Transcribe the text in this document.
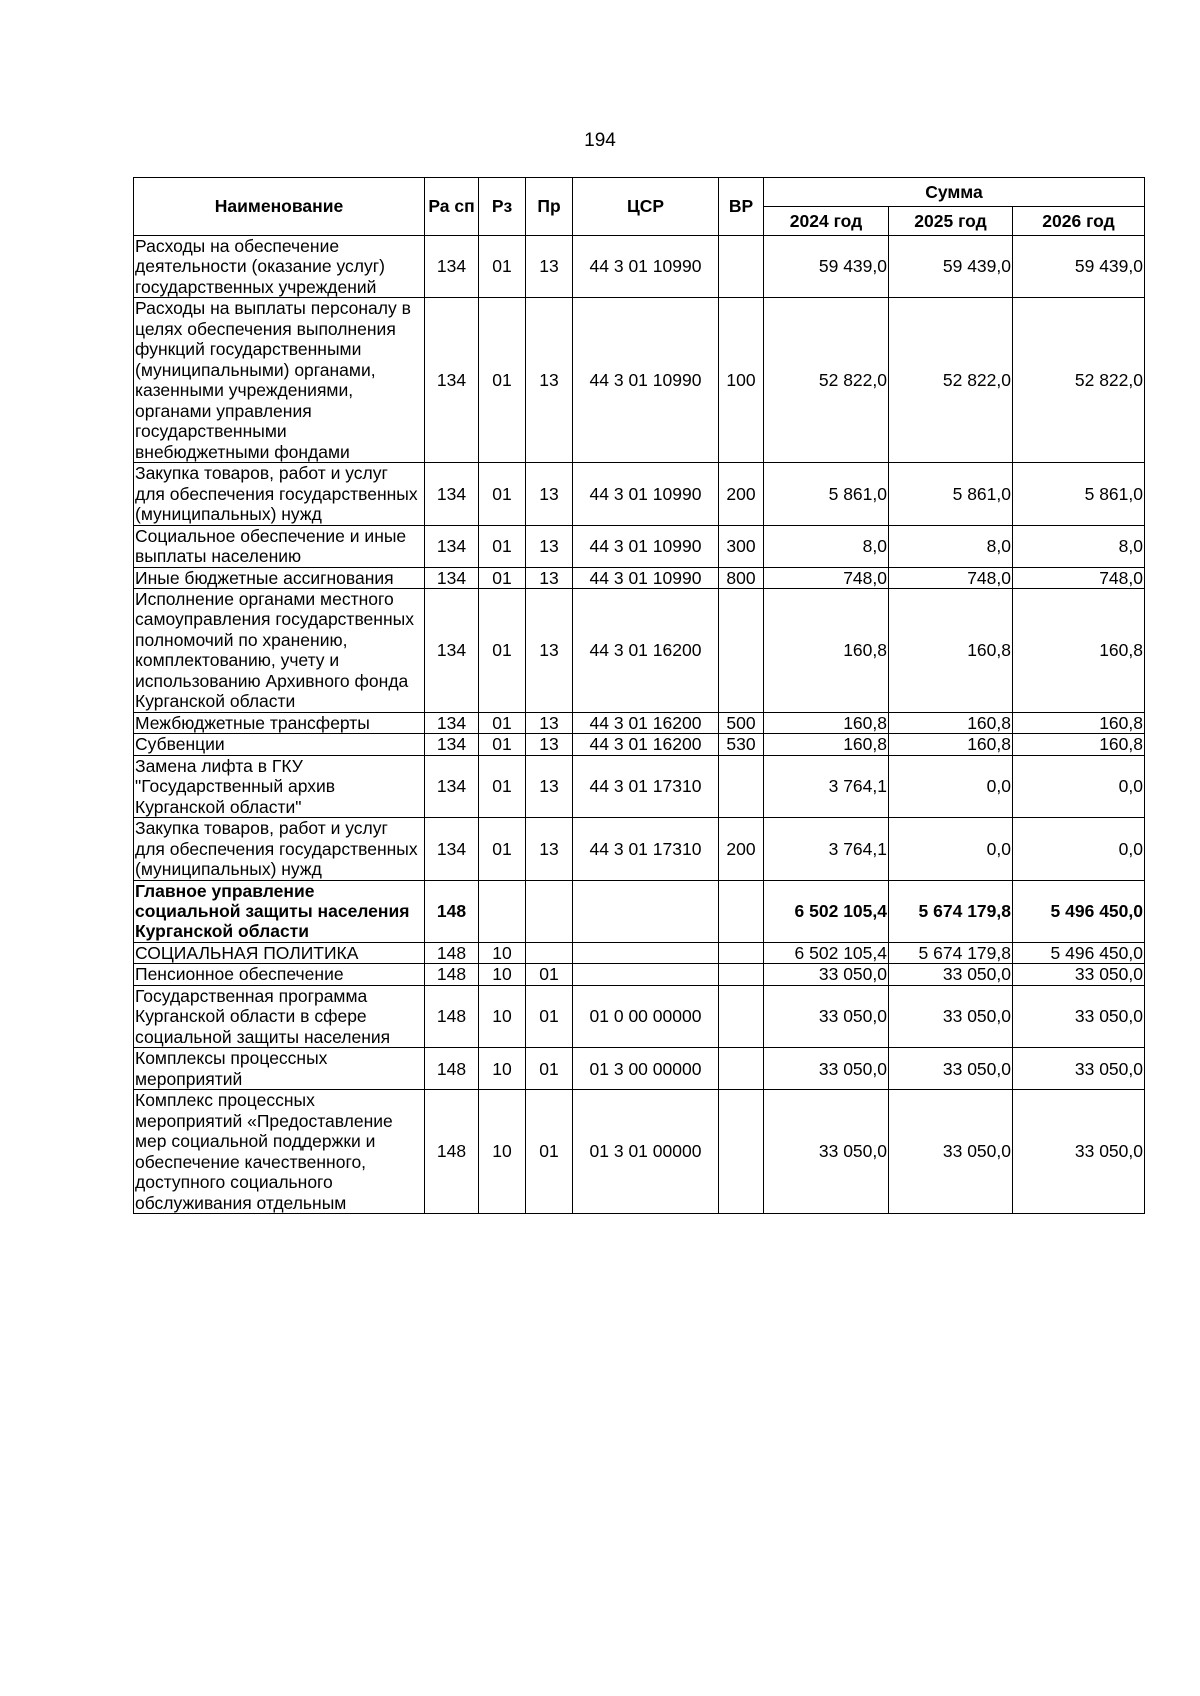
194
Наименование	Ра сп	Рз	Пр	ЦСР	ВР	Сумма		
						2024 год	2025 год	2026 год
Расходы на обеспечение деятельности (оказание услуг) государственных учреждений	134	01	13	44 3 01 10990		59 439,0	59 439,0	59 439,0
Расходы на выплаты персоналу в целях обеспечения выполнения функций государственными (муниципальными) органами, казенными учреждениями, органами управления государственными внебюджетными фондами	134	01	13	44 3 01 10990	100	52 822,0	52 822,0	52 822,0
Закупка товаров, работ и услуг для обеспечения государственных (муниципальных) нужд	134	01	13	44 3 01 10990	200	5 861,0	5 861,0	5 861,0
Социальное обеспечение и иные выплаты населению	134	01	13	44 3 01 10990	300	8,0	8,0	8,0
Иные бюджетные ассигнования	134	01	13	44 3 01 10990	800	748,0	748,0	748,0
Исполнение органами местного самоуправления государственных полномочий по хранению, комплектованию, учету и использованию Архивного фонда Курганской области	134	01	13	44 3 01 16200		160,8	160,8	160,8
Межбюджетные трансферты	134	01	13	44 3 01 16200	500	160,8	160,8	160,8
Субвенции	134	01	13	44 3 01 16200	530	160,8	160,8	160,8
Замена лифта в ГКУ "Государственный архив Курганской области"	134	01	13	44 3 01 17310		3 764,1	0,0	0,0
Закупка товаров, работ и услуг для обеспечения государственных (муниципальных) нужд	134	01	13	44 3 01 17310	200	3 764,1	0,0	0,0
Главное управление социальной защиты населения Курганской области	148					6 502 105,4	5 674 179,8	5 496 450,0
СОЦИАЛЬНАЯ ПОЛИТИКА	148	10				6 502 105,4	5 674 179,8	5 496 450,0
Пенсионное обеспечение	148	10	01			33 050,0	33 050,0	33 050,0
Государственная программа Курганской области в сфере социальной защиты населения	148	10	01	01 0 00 00000		33 050,0	33 050,0	33 050,0
Комплексы процессных мероприятий	148	10	01	01 3 00 00000		33 050,0	33 050,0	33 050,0
Комплекс процессных мероприятий «Предоставление мер социальной поддержки и обеспечение качественного, доступного социального обслуживания отдельным	148	10	01	01 3 01 00000		33 050,0	33 050,0	33 050,0
